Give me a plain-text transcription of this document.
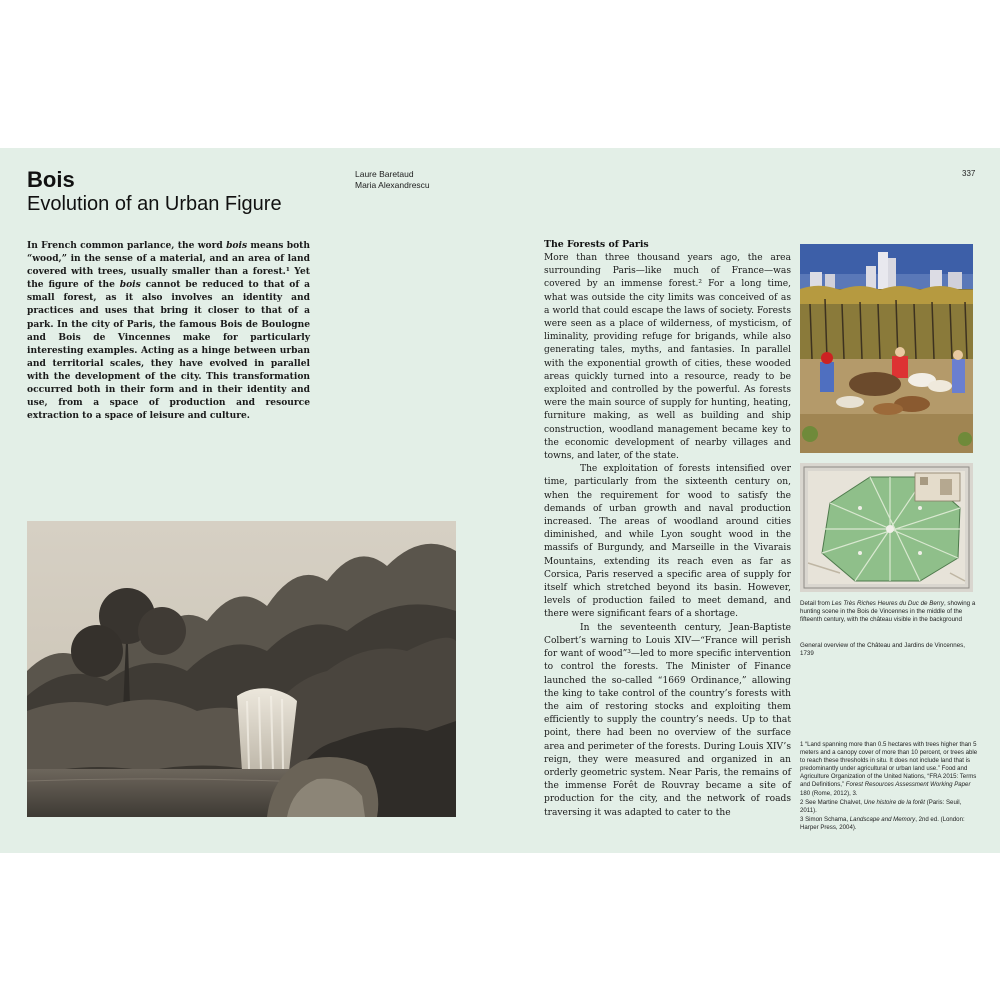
Bois
Evolution of an Urban Figure
Laure Baretaud
Maria Alexandrescu
337
In French common parlance, the word bois means both “wood,” in the sense of a material, and an area of land covered with trees, usually smaller than a forest.¹ Yet the figure of the bois cannot be reduced to that of a small forest, as it also involves an identity and practices and uses that bring it closer to that of a park. In the city of Paris, the famous Bois de Boulogne and Bois de Vincennes make for particularly interesting examples. Acting as a hinge between urban and territorial scales, they have evolved in parallel with the development of the city. This transformation occurred both in their form and in their identity and use, from a space of production and resource extraction to a space of leisure and culture.
The Forests of Paris

More than three thousand years ago, the area surrounding Paris—like much of France—was covered by an immense forest.² For a long time, what was outside the city limits was conceived of as a world that could escape the laws of society. Forests were seen as a place of wilderness, of mysticism, of liminality, providing refuge for brigands, while also generating tales, myths, and fantasies. In parallel with the exponential growth of cities, these wooded areas quickly turned into a resource, ready to be exploited and controlled by the powerful. As forests were the main source of supply for hunting, heating, furniture making, as well as building and ship construction, woodland management became key to the economic development of nearby villages and towns, and later, of the state.

The exploitation of forests intensified over time, particularly from the sixteenth century on, when the requirement for wood to satisfy the demands of urban growth and naval production increased. The areas of woodland around cities diminished, and while Lyon sought wood in the massifs of Burgundy, and Marseille in the Vivarais Mountains, extending its reach even as far as Corsica, Paris reserved a specific area of supply for itself which stretched beyond its basin. However, levels of production failed to meet demand, and there were significant fears of a shortage.

In the seventeenth century, Jean-Baptiste Colbert’s warning to Louis XIV—“France will perish for want of wood”³—led to more specific intervention to control the forests. The Minister of Finance launched the so-called “1669 Ordinance,” allowing the king to take control of the country’s forests with the aim of restoring stocks and exploiting them efficiently to supply the country’s needs. Up to that point, there had been no overview of the surface area and perimeter of the forests. During Louis XIV’s reign, they were measured and organized in an orderly geometric system. Near Paris, the remains of the immense Forêt de Rouvray became a site of production for the city, and the network of roads traversing it was adapted to cater to the

Detail from Les Très Riches Heures du Duc de Berry, showing a hunting scene in the Bois de Vincennes in the middle of the fifteenth century, with the château visible in the background
General overview of the Château and Jardins de Vincennes, 1739

1 “Land spanning more than 0.5 hectares with trees higher than 5 meters and a canopy cover of more than 10 percent, or trees able to reach these thresholds in situ. It does not include land that is predominantly under agricultural or urban land use.” Food and Agriculture Organization of the United Nations, “FRA 2015: Terms and Definitions,” Forest Resources Assessment Working Paper 180 (Rome, 2012), 3.

2 See Martine Chalvet, Une histoire de la forêt (Paris: Seuil, 2011).

3 Simon Schama, Landscape and Memory, 2nd ed. (London: Harper Press, 2004).
